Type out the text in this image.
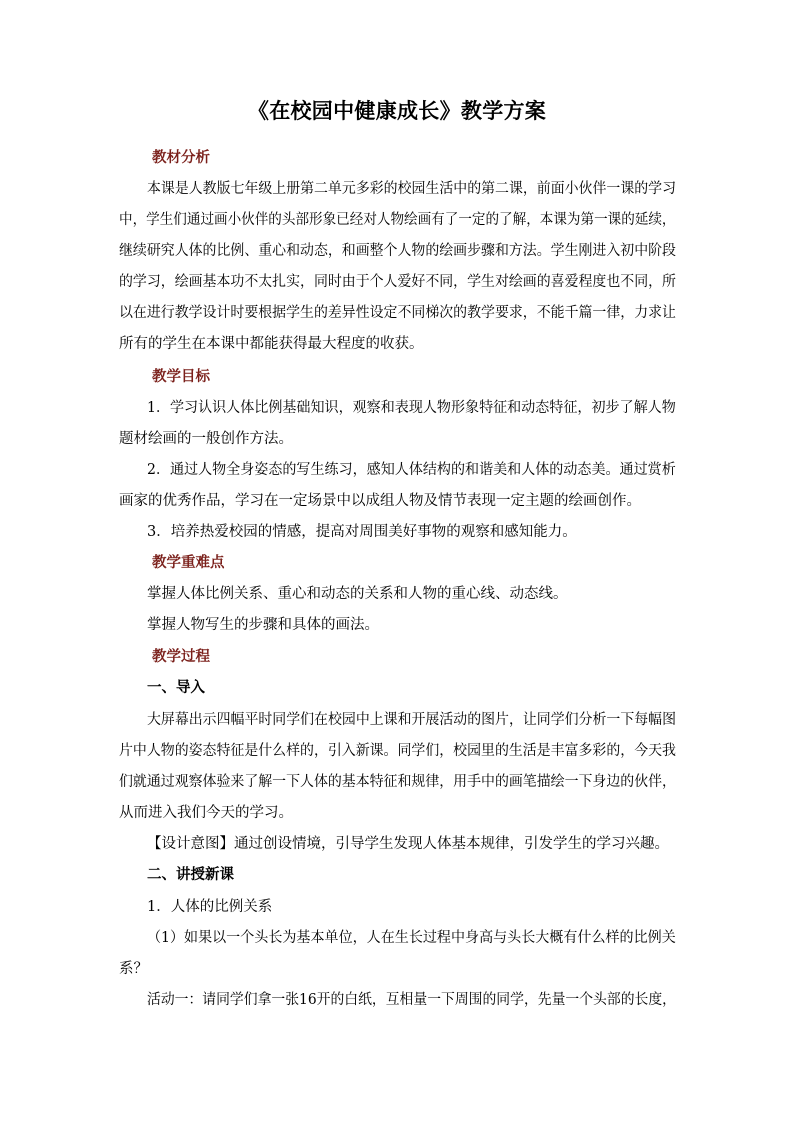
《在校园中健康成长》教学方案
教材分析
本课是人教版七年级上册第二单元多彩的校园生活中的第二课，前面小伙伴一课的学习
中，学生们通过画小伙伴的头部形象已经对人物绘画有了一定的了解，本课为第一课的延续，
继续研究人体的比例、重心和动态，和画整个人物的绘画步骤和方法。学生刚进入初中阶段
的学习，绘画基本功不太扎实，同时由于个人爱好不同，学生对绘画的喜爱程度也不同，所
以在进行教学设计时要根据学生的差异性设定不同梯次的教学要求，不能千篇一律，力求让
所有的学生在本课中都能获得最大程度的收获。
教学目标
1．学习认识人体比例基础知识，观察和表现人物形象特征和动态特征，初步了解人物
题材绘画的一般创作方法。
2．通过人物全身姿态的写生练习，感知人体结构的和谐美和人体的动态美。通过赏析
画家的优秀作品，学习在一定场景中以成组人物及情节表现一定主题的绘画创作。
3．培养热爱校园的情感，提高对周围美好事物的观察和感知能力。
教学重难点
掌握人体比例关系、重心和动态的关系和人物的重心线、动态线。
掌握人物写生的步骤和具体的画法。
教学过程
一、导入
大屏幕出示四幅平时同学们在校园中上课和开展活动的图片，让同学们分析一下每幅图
片中人物的姿态特征是什么样的，引入新课。同学们，校园里的生活是丰富多彩的，今天我
们就通过观察体验来了解一下人体的基本特征和规律，用手中的画笔描绘一下身边的伙伴，
从而进入我们今天的学习。
【设计意图】通过创设情境，引导学生发现人体基本规律，引发学生的学习兴趣。
二、讲授新课
1．人体的比例关系
（1）如果以一个头长为基本单位，人在生长过程中身高与头长大概有什么样的比例关
系？
活动一：请同学们拿一张16开的白纸，互相量一下周围的同学，先量一个头部的长度，
